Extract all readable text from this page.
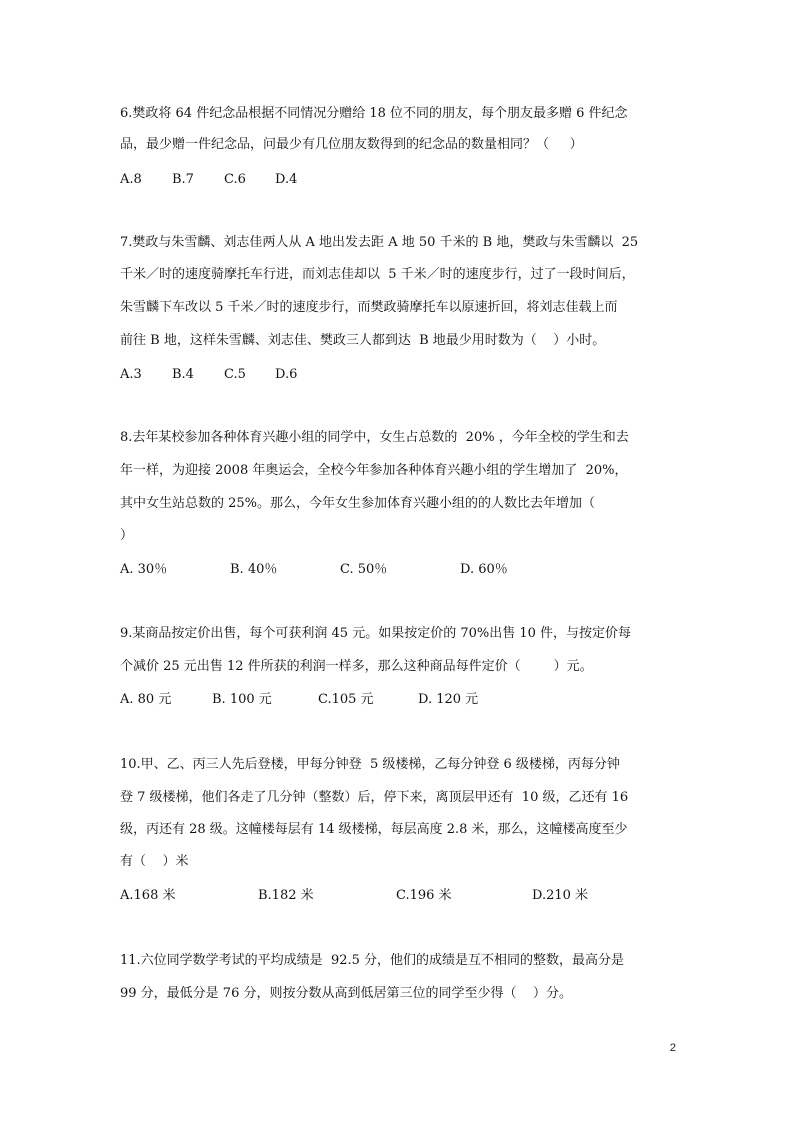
6.樊政将 64 件纪念品根据不同情况分赠给 18 位不同的朋友，每个朋友最多赠 6 件纪念
品，最少赠一件纪念品，问最少有几位朋友数得到的纪念品的数量相同？（     ）
A.8 B.7 C.6 D.4
7.樊政与朱雪麟、刘志佳两人从 A 地出发去距 A 地 50 千米的 B 地，樊政与朱雪麟以  25
千米／时的速度骑摩托车行进，而刘志佳却以  5 千米／时的速度步行，过了一段时间后，
朱雪麟下车改以 5 千米／时的速度步行，而樊政骑摩托车以原速折回，将刘志佳载上而
前往 B 地，这样朱雪麟、刘志佳、樊政三人都到达  B 地最少用时数为（    ）小时。
A.3 B.4 C.5 D.6
8.去年某校参加各种体育兴趣小组的同学中，女生占总数的  20% ，今年全校的学生和去
年一样，为迎接 2008 年奥运会，全校今年参加各种体育兴趣小组的学生增加了  20%，
其中女生站总数的 25%。那么，今年女生参加体育兴趣小组的的人数比去年增加（
）
A. 30％	B. 40％	C. 50％	D. 60％
9.某商品按定价出售，每个可获利润 45 元。如果按定价的 70%出售 10 件，与按定价每
个减价 25 元出售 12 件所获的利润一样多，那么这种商品每件定价（        ）元。
A. 80 元	B. 100 元	C.105 元	D. 120 元
10.甲、乙、丙三人先后登楼，甲每分钟登  5 级楼梯，乙每分钟登 6 级楼梯，丙每分钟
登 7 级楼梯，他们各走了几分钟（整数）后，停下来，离顶层甲还有  10 级，乙还有 16
级，丙还有 28 级。这幢楼每层有 14 级楼梯，每层高度 2.8 米，那么，这幢楼高度至少
有（    ）米
A.168 米	B.182 米	C.196 米	D.210 米
11.六位同学数学考试的平均成绩是  92.5 分，他们的成绩是互不相同的整数，最高分是
99 分，最低分是 76 分，则按分数从高到低居第三位的同学至少得（    ）分。
2
